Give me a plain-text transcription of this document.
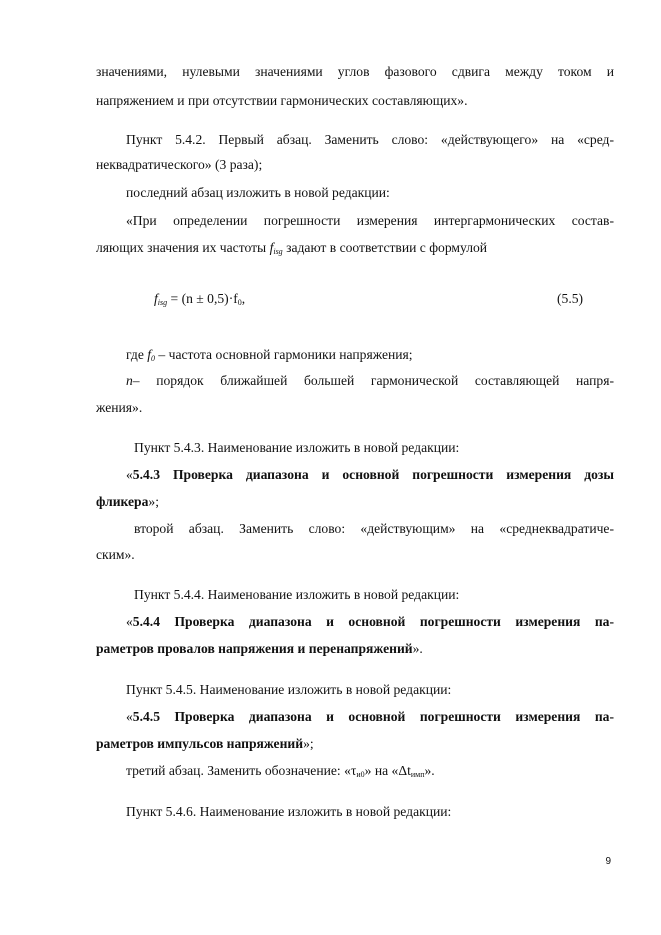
значениями, нулевыми значениями углов фазового сдвига между током и
напряжением и при отсутствии гармонических составляющих».
Пункт 5.4.2. Первый абзац. Заменить слово: «действующего» на «сред-
неквадратического» (3 раза);
последний абзац изложить в новой редакции:
«При определении погрешности измерения интергармонических состав-
ляющих значения их частоты $f_{isg}$ задают в соответствии с формулой
$f_{isg} = (n \pm 0,5)\cdot f_0$,	(5.5)
где $f_0$ – частота основной гармоники напряжения;
n – порядок ближайшей большей гармонической составляющей напря-
жения».
Пункт 5.4.3. Наименование изложить в новой редакции:
« 5.4.3 Проверка диапазона и основной погрешности измерения дозы
фликера»;
второй абзац. Заменить слово: «действующим» на «среднеквадратиче-
ским».
Пункт 5.4.4. Наименование изложить в новой редакции:
« 5.4.4 Проверка диапазона и основной погрешности измерения па-
раметров провалов напряжения и перенапряжений».
Пункт 5.4.5. Наименование изложить в новой редакции:
« 5.4.5 Проверка диапазона и основной погрешности измерения па-
раметров импульсов напряжений»;
третий абзац. Заменить обозначение: «$\tau_{и0}$» на «$\Delta t_{имп}$».
Пункт 5.4.6. Наименование изложить в новой редакции:
9
